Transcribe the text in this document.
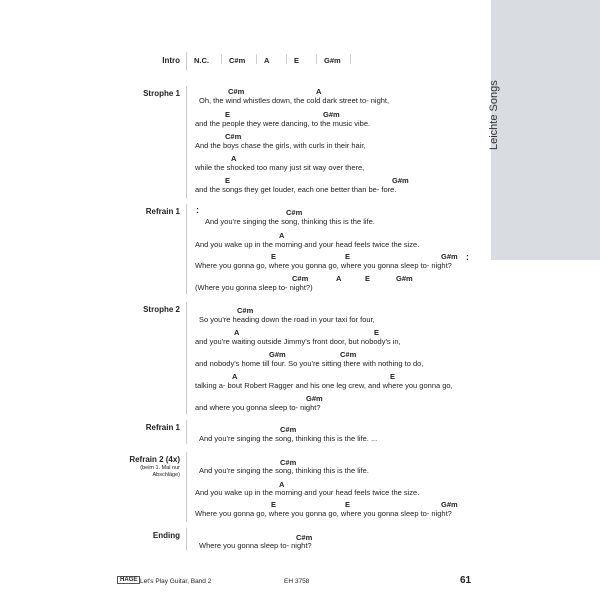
Leichte Songs
Intro
Strophe 1
Refrain 1
Strophe 2
Refrain 1
Refrain 2 (4x)
(beim 1. Mal nur Abschläge)
Ending
N.C.	C#m A	E	G#m
C#m	A
Oh, the wind whistles down, the cold dark street to- night,
E	G#m
and the people they were dancing, to the music vibe.
C#m
And the boys chase the girls, with curls in their hair,
A
while the shocked too many just sit way over there,
E	G#m
and the songs they get louder, each one better than be- fore.
:	C#m
And you're singing the song, thinking this is the life.
A
And you wake up in the morning and your head feels twice the size.
E	E	G#m
Where you gonna go, where you gonna go, where you gonna sleep to- night?
:
C#m	A	E	G#m
(Where you gonna sleep to- night?)
C#m
So you're heading down the road in your taxi for four,
A	E
and you're waiting outside Jimmy's front door, but nobody's in,
G#m	C#m
and nobody's home till four. So you're sitting there with nothing to do,
A	E
talking a- bout Robert Ragger and his one leg crew, and where you gonna go,
G#m
and where you gonna sleep to- night?
C#m
And you're singing the song, thinking this is the life. ...
C#m
And you're singing the song, thinking this is the life.
A
And you wake up in the morning and your head feels twice the size.
E	E	G#m
Where you gonna go, where you gonna go, where you gonna sleep to- night?
C#m
Where you gonna sleep to- night?
HAGE Let's Play Guitar, Band 2	EH 3758	61
